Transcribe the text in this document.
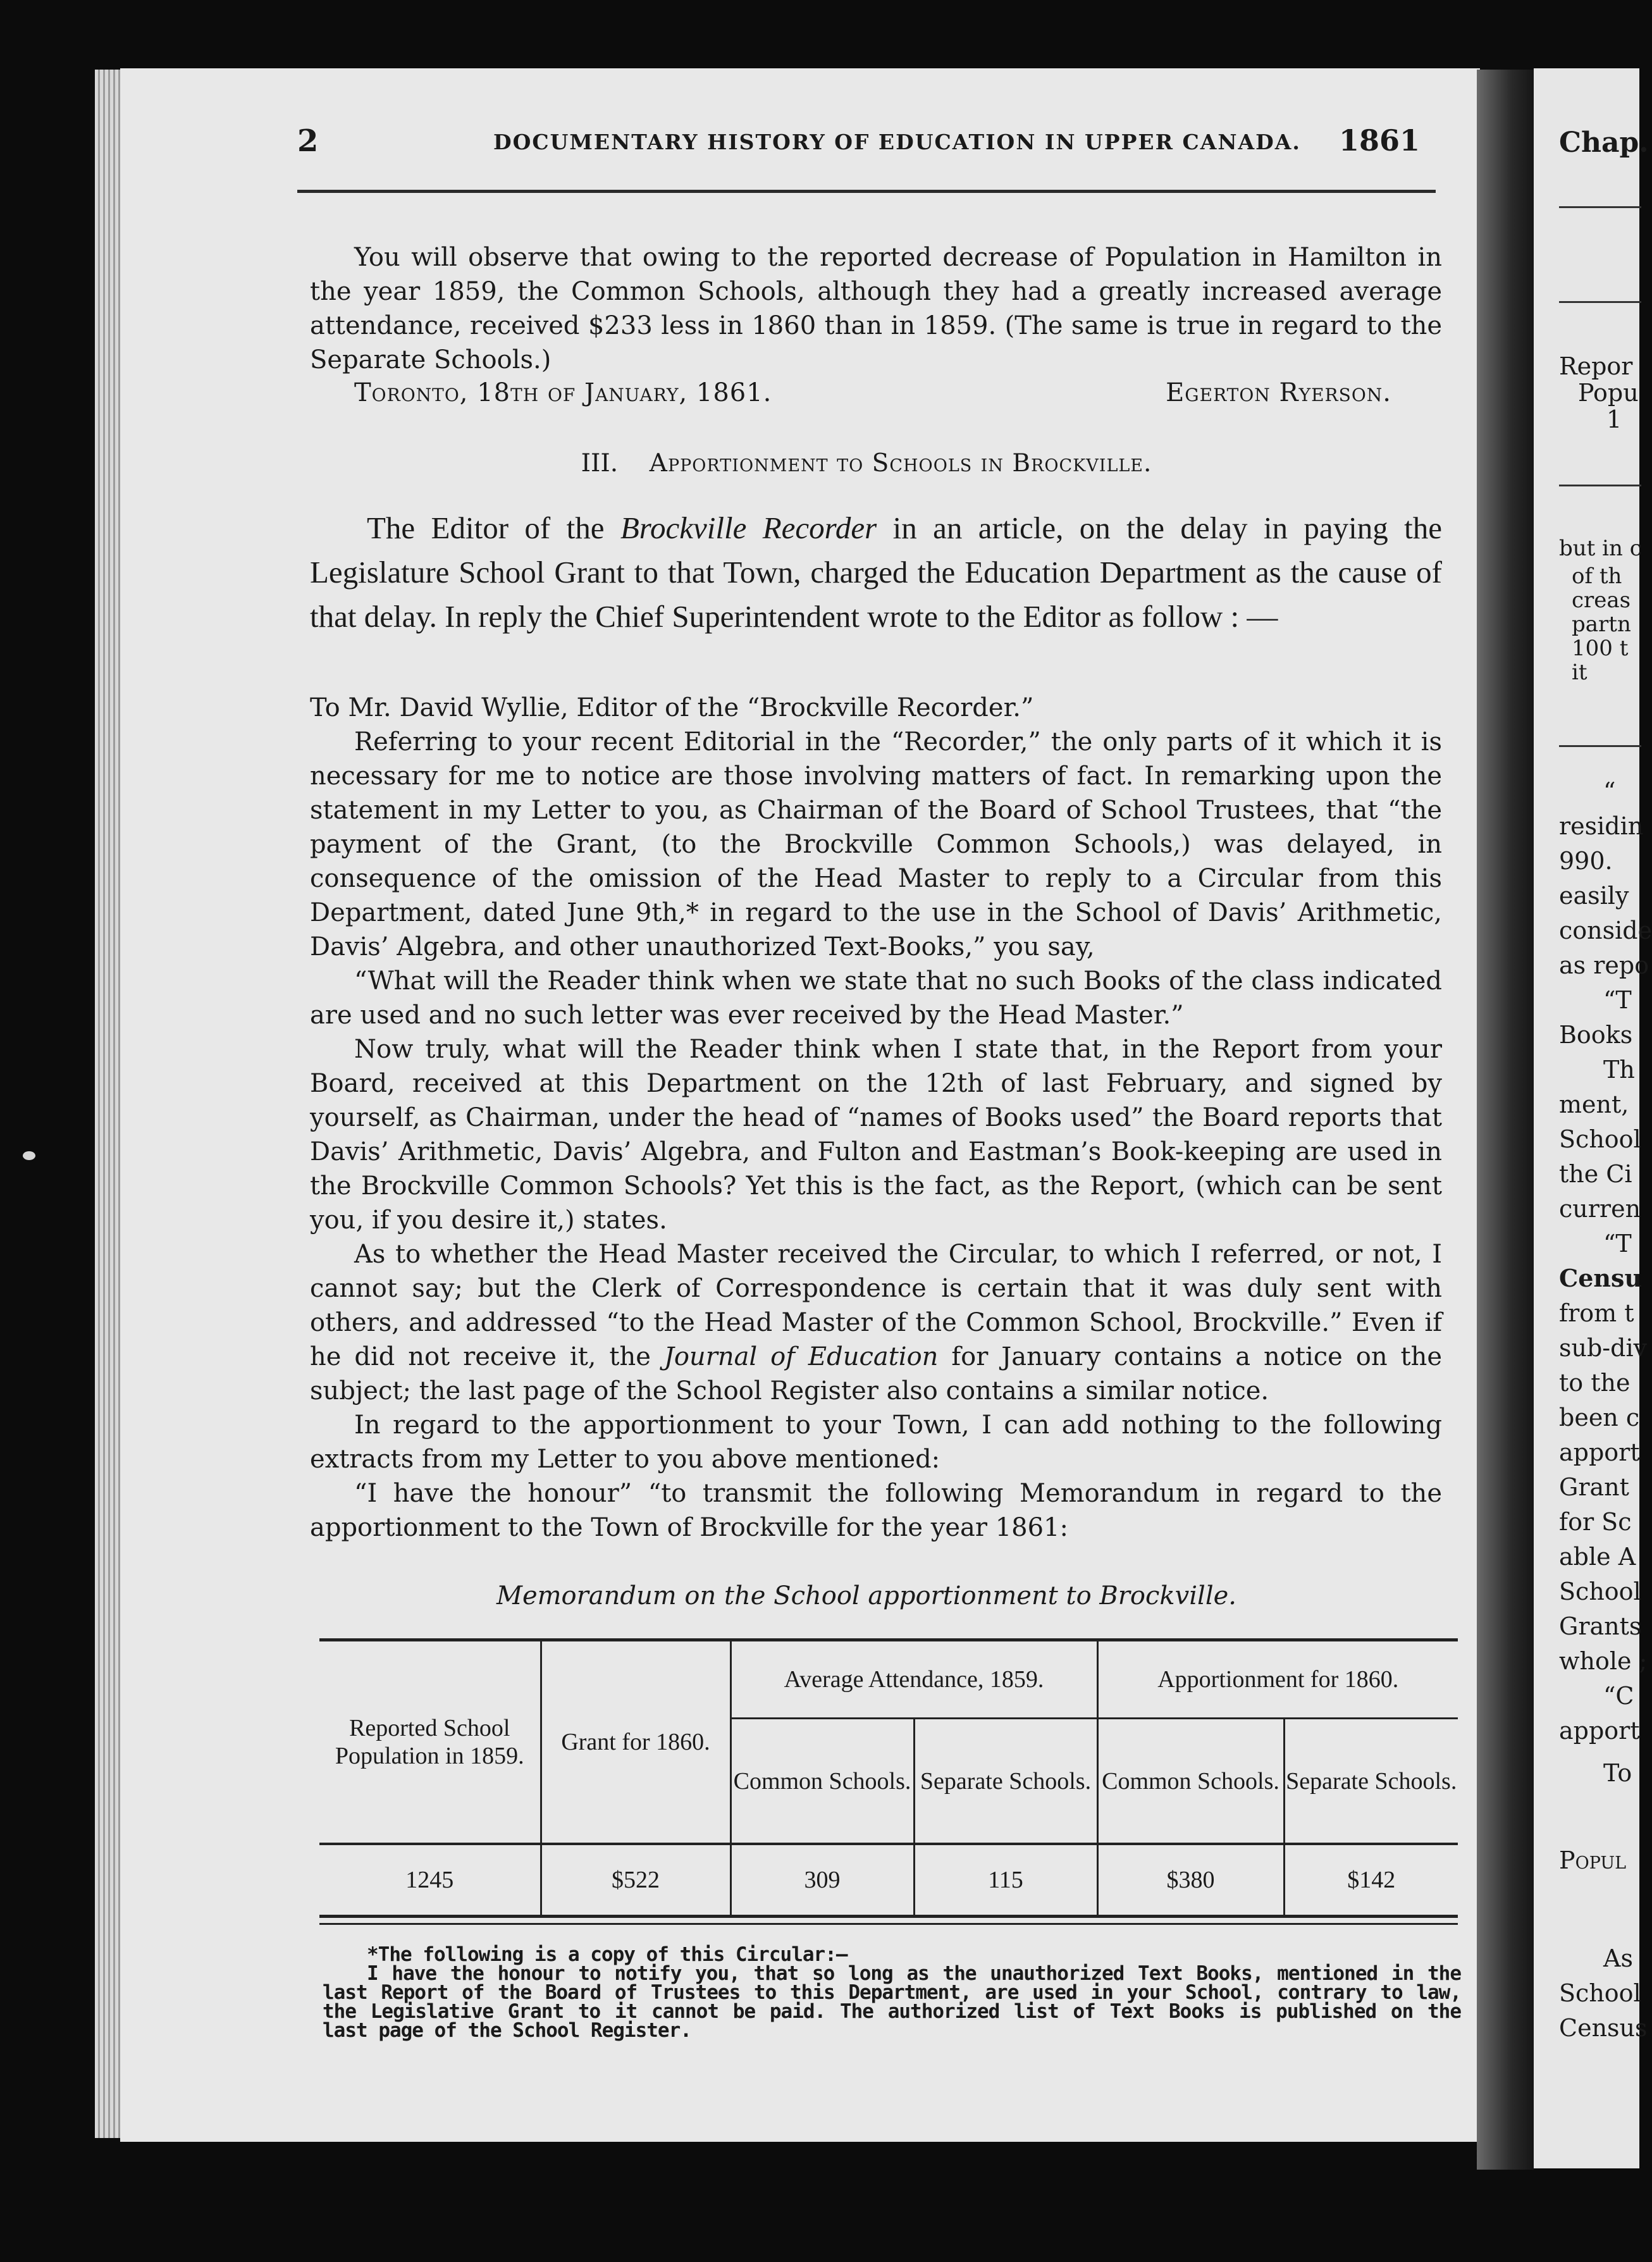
Chap.
Repor
Popu
1
but in c
of th
creas
partn
100 t
it
“
residin
990.
easily
conside
as repo
“T
Books
Th
ment,
School
the Ci
curren
“T
Censu
from t
sub-div
to the
been c
apport
Grant
for Sc
able A
School
Grants
whole ;
“C
apport
To
Popul
As
School
Census
2	DOCUMENTARY HISTORY OF EDUCATION IN UPPER CANADA. 1861

You will observe that owing to the reported decrease of Population in Hamilton in the year 1859, the Common Schools, although they had a greatly increased average attendance, received $233 less in 1860 than in 1859. (The same is true in regard to the Separate Schools.)

Toronto, 18th of January, 1861.	Egerton Ryerson.
III. Apportionment to Schools in Brockville.
The Editor of the Brockville Recorder in an article, on the delay in paying the Legislature School Grant to that Town, charged the Education Department as the cause of that delay. In reply the Chief Superintendent wrote to the Editor as follow : —

To Mr. David Wyllie, Editor of the “Brockville Recorder.”

Referring to your recent Editorial in the “Recorder,” the only parts of it which it is necessary for me to notice are those involving matters of fact. In remarking upon the statement in my Letter to you, as Chairman of the Board of School Trustees, that “the payment of the Grant, (to the Brockville Common Schools,) was delayed, in consequence of the omission of the Head Master to reply to a Circular from this Department, dated June 9th,* in regard to the use in the School of Davis’ Arithmetic, Davis’ Algebra, and other unauthorized Text-Books,” you say,

“What will the Reader think when we state that no such Books of the class indicated are used and no such letter was ever received by the Head Master.”

Now truly, what will the Reader think when I state that, in the Report from your Board, received at this Department on the 12th of last February, and signed by yourself, as Chairman, under the head of “names of Books used” the Board reports that Davis’ Arithmetic, Davis’ Algebra, and Fulton and Eastman’s Book-keeping are used in the Brockville Common Schools? Yet this is the fact, as the Report, (which can be sent you, if you desire it,) states.

As to whether the Head Master received the Circular, to which I referred, or not, I cannot say; but the Clerk of Correspondence is certain that it was duly sent with others, and addressed “to the Head Master of the Common School, Brockville.” Even if he did not receive it, the Journal of Education for January contains a notice on the subject; the last page of the School Register also contains a similar notice.

In regard to the apportionment to your Town, I can add nothing to the following extracts from my Letter to you above mentioned:

“I have the honour” “to transmit the following Memorandum in regard to the apportionment to the Town of Brockville for the year 1861:

Memorandum on the School apportionment to Brockville.
Reported School Population in 1859.	Grant for 1860.	Average Attendance, 1859.		Apportionment for 1860.	
		Common Schools.	Separate Schools.	Common Schools.	Separate Schools.
1245	$522	309	115	$380	$142

*The following is a copy of this Circular:—

I have the honour to notify you, that so long as the unauthorized Text Books, mentioned in the last Report of the Board of Trustees to this Department, are used in your School, contrary to law, the Legislative Grant to it cannot be paid. The authorized list of Text Books is published on the last page of the School Register.
